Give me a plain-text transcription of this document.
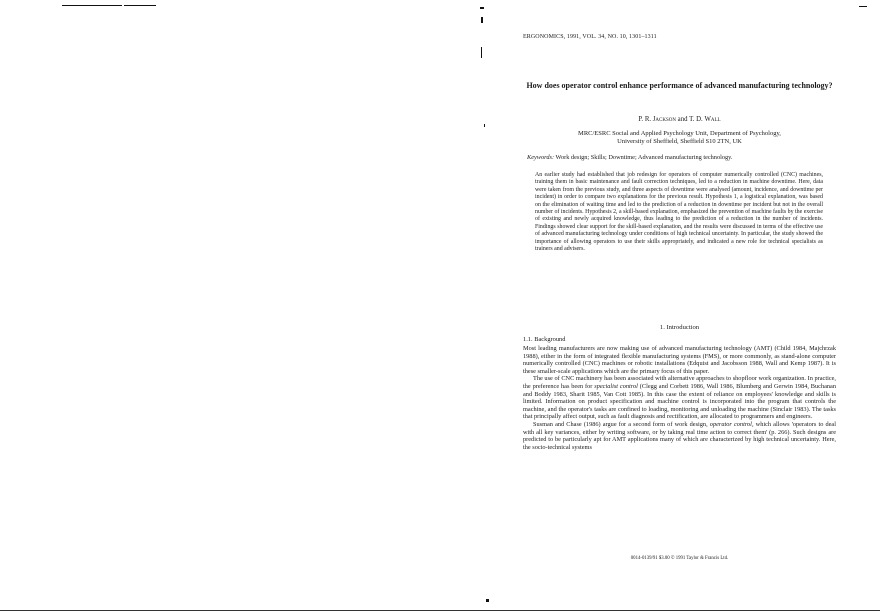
ERGONOMICS, 1991, VOL. 34, NO. 10, 1301–1311
How does operator control enhance performance of advanced manufacturing technology?
P. R. Jackson and T. D. Wall
MRC/ESRC Social and Applied Psychology Unit, Department of Psychology,
University of Sheffield, Sheffield S10 2TN, UK
Keywords: Work design; Skills; Downtime; Advanced manufacturing technology.
An earlier study had established that job redesign for operators of computer numerically controlled (CNC) machines, training them in basic maintenance and fault correction techniques, led to a reduction in machine downtime. Here, data were taken from the previous study, and three aspects of downtime were analysed (amount, incidence, and downtime per incident) in order to compare two explanations for the previous result. Hypothesis 1, a logistical explanation, was based on the elimination of waiting time and led to the prediction of a reduction in downtime per incident but not in the overall number of incidents. Hypothesis 2, a skill-based explanation, emphasized the prevention of machine faults by the exercise of existing and newly acquired knowledge, thus leading to the prediction of a reduction in the number of incidents. Findings showed clear support for the skill-based explanation, and the results were discussed in terms of the effective use of advanced manufacturing technology under conditions of high technical uncertainty. In particular, the study showed the importance of allowing operators to use their skills appropriately, and indicated a new role for technical specialists as trainers and advisers.
1. Introduction
1.1. Background

Most leading manufacturers are now making use of advanced manufacturing technology (AMT) (Child 1984, Majchrzak 1988), either in the form of integrated flexible manufacturing systems (FMS), or more commonly, as stand-alone computer numerically controlled (CNC) machines or robotic installations (Edquist and Jacobsson 1988, Wall and Kemp 1987). It is these smaller-scale applications which are the primary focus of this paper.

The use of CNC machinery has been associated with alternative approaches to shopfloor work organization. In practice, the preference has been for specialist control (Clegg and Corbett 1986, Wall 1986, Blumberg and Gerwin 1984, Buchanan and Boddy 1983, Sharit 1985, Van Cott 1985). In this case the extent of reliance on employees' knowledge and skills is limited. Information on product specification and machine control is incorporated into the program that controls the machine, and the operator's tasks are confined to loading, monitoring and unloading the machine (Sinclair 1983). The tasks that principally affect output, such as fault diagnosis and rectification, are allocated to programmers and engineers.

Susman and Chase (1986) argue for a second form of work design, operator control, which allows 'operators to deal with all key variances, either by writing software, or by taking real time action to correct them' (p. 266). Such designs are predicted to be particularly apt for AMT applications many of which are characterized by high technical uncertainty. Here, the socio-technical systems

0014-0139/91 $3.00 © 1991 Taylor & Francis Ltd.
